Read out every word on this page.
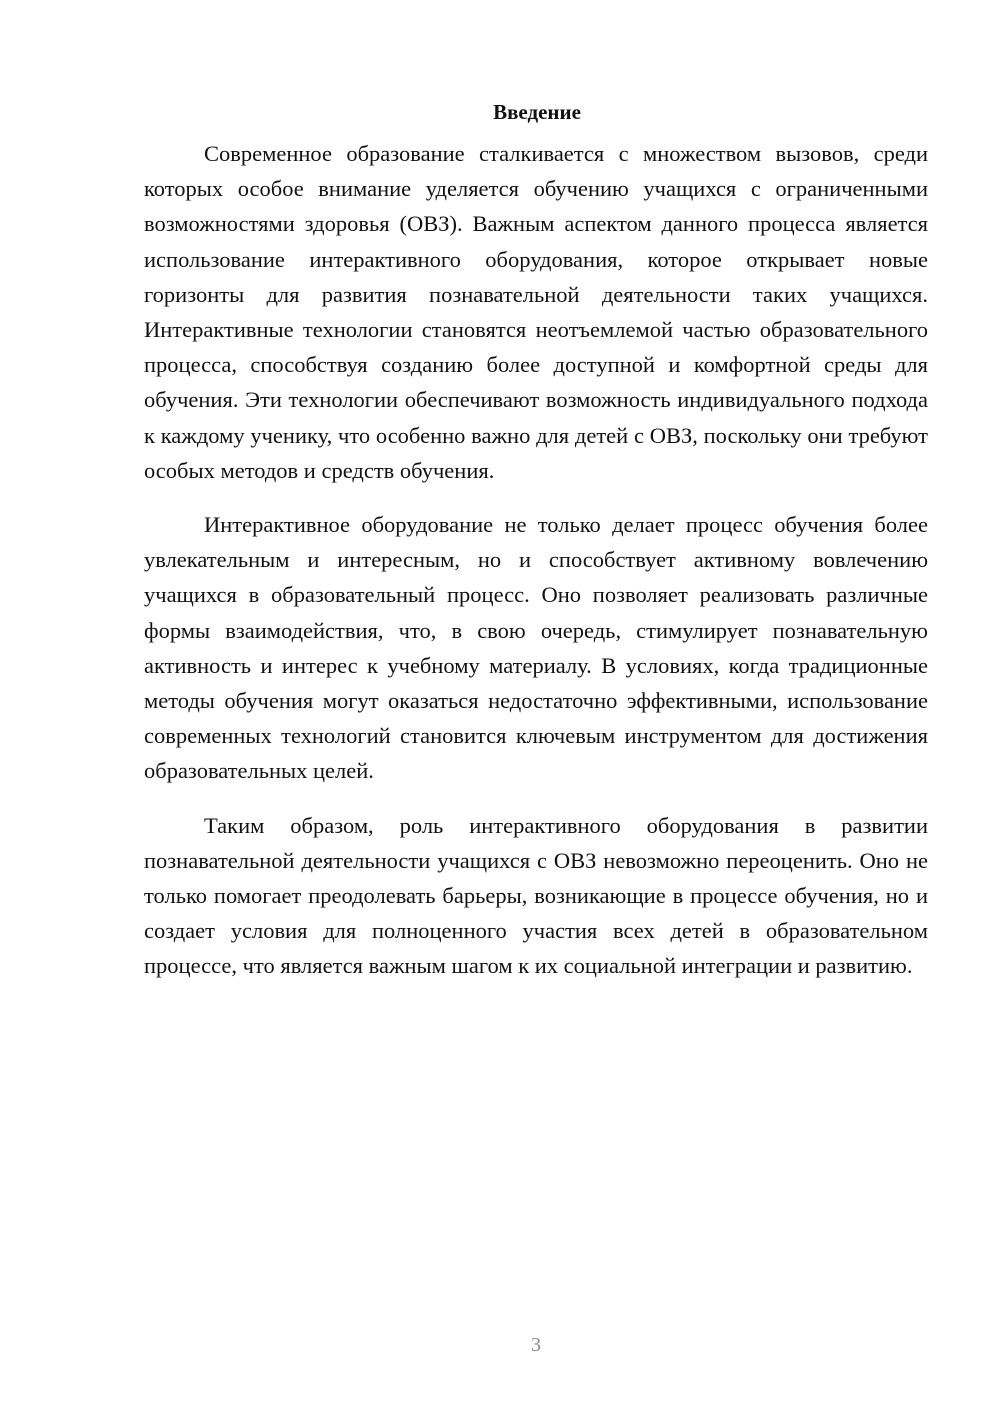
Введение

Современное образование сталкивается с множеством вызовов, среди которых особое внимание уделяется обучению учащихся с ограниченными возможностями здоровья (ОВЗ). Важным аспектом данного процесса является использование интерактивного оборудования, которое открывает новые горизонты для развития познавательной деятельности таких учащихся. Интерактивные технологии становятся неотъемлемой частью образовательного процесса, способствуя созданию более доступной и комфортной среды для обучения. Эти технологии обеспечивают возможность индивидуального подхода к каждому ученику, что особенно важно для детей с ОВЗ, поскольку они требуют особых методов и средств обучения.

Интерактивное оборудование не только делает процесс обучения более увлекательным и интересным, но и способствует активному вовлечению учащихся в образовательный процесс. Оно позволяет реализовать различные формы взаимодействия, что, в свою очередь, стимулирует познавательную активность и интерес к учебному материалу. В условиях, когда традиционные методы обучения могут оказаться недостаточно эффективными, использование современных технологий становится ключевым инструментом для достижения образовательных целей.

Таким образом, роль интерактивного оборудования в развитии познавательной деятельности учащихся с ОВЗ невозможно переоценить. Оно не только помогает преодолевать барьеры, возникающие в процессе обучения, но и создает условия для полноценного участия всех детей в образовательном процессе, что является важным шагом к их социальной интеграции и развитию.

3
